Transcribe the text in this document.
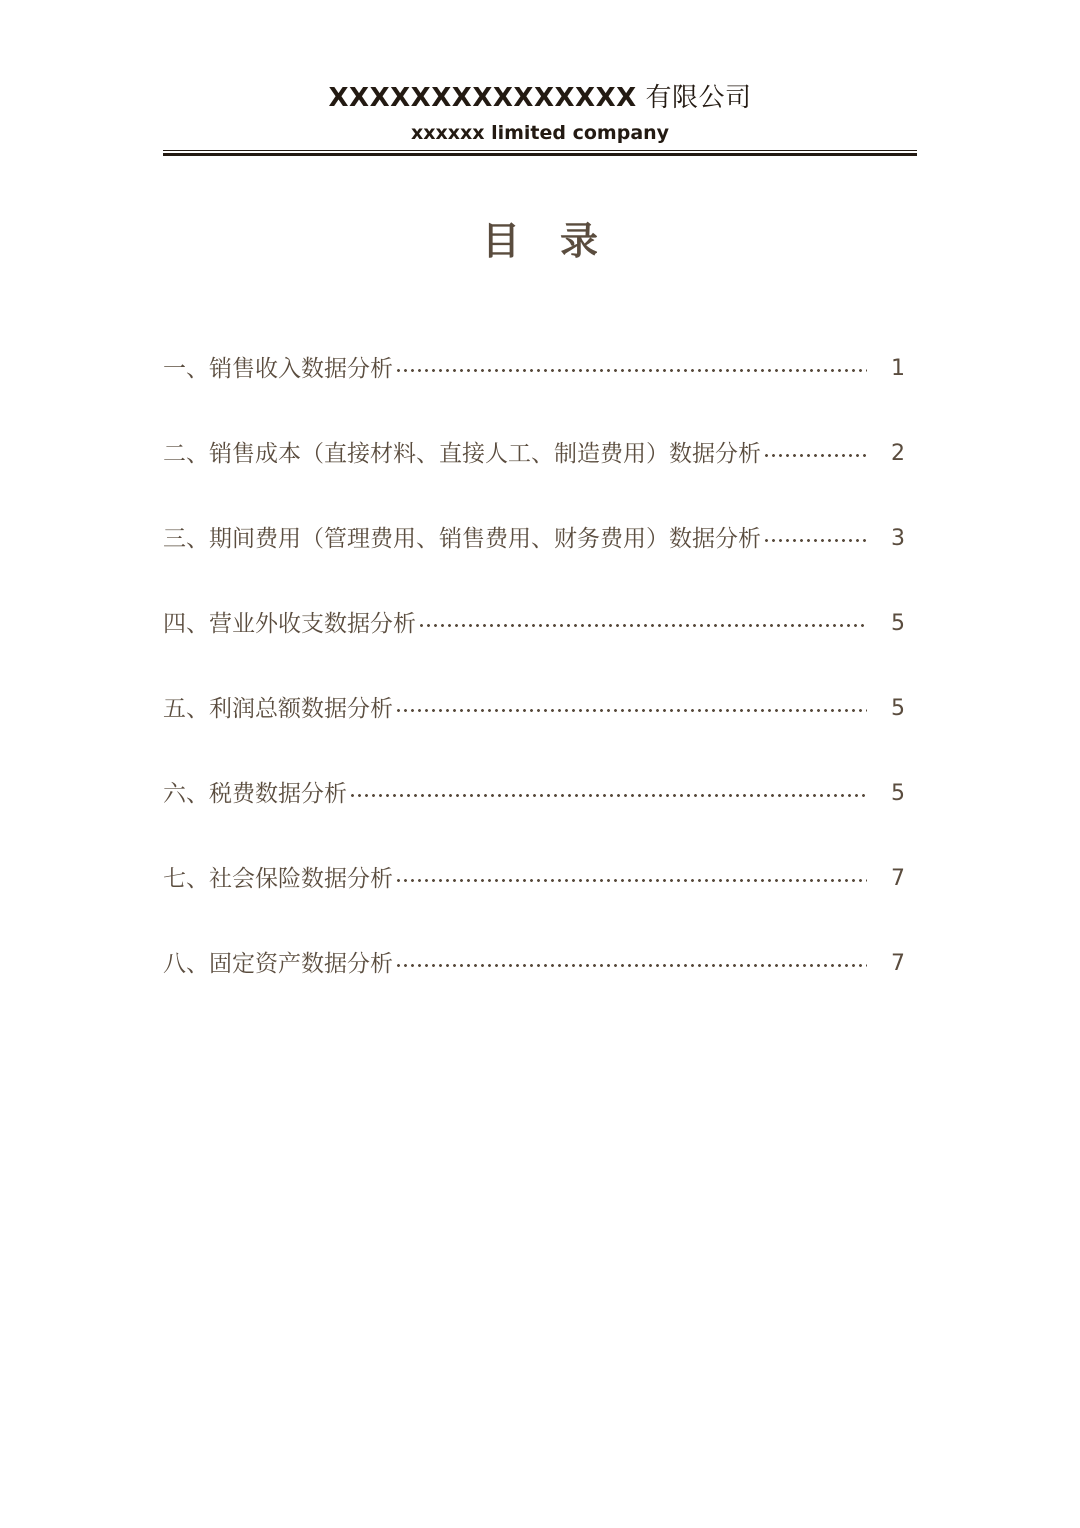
XXXXXXXXXXXXXXX 有限公司
xxxxxx limited company
目录
一、销售收入数据分析	1
二、销售成本（直接材料、直接人工、制造费用）数据分析	2
三、期间费用（管理费用、销售费用、财务费用）数据分析	3
四、营业外收支数据分析	5
五、利润总额数据分析	5
六、税费数据分析	5
七、社会保险数据分析	7
八、固定资产数据分析	7
